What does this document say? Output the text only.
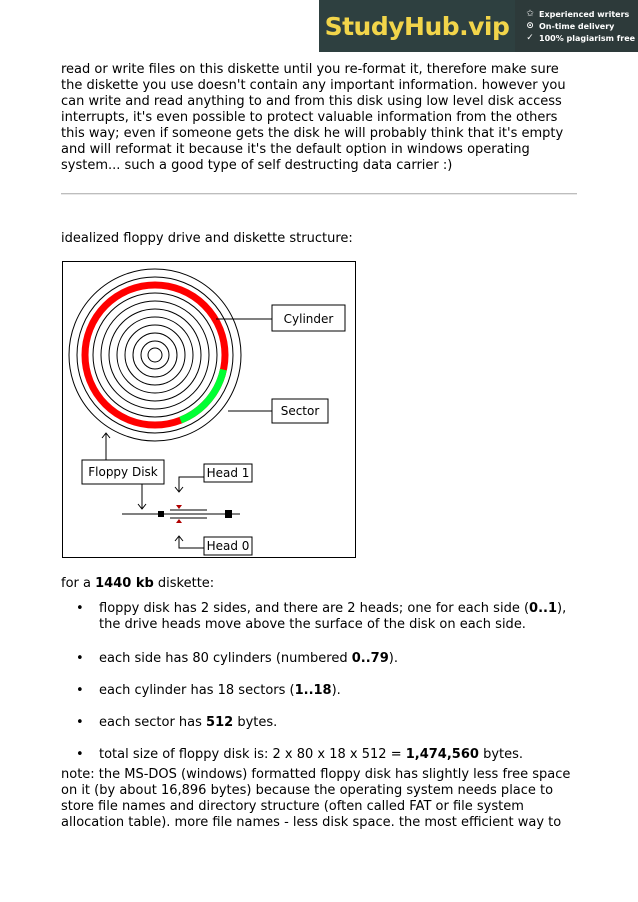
StudyHub.vip	✩ Experienced writers
⊙ On-time delivery
✓ 100% plagiarism free
read or write files on this diskette until you re-format it, therefore make sure the diskette you use doesn't contain any important information. however you can write and read anything to and from this disk using low level disk access interrupts, it's even possible to protect valuable information from the others this way; even if someone gets the disk he will probably think that it's empty and will reformat it because it's the default option in windows operating system... such a good type of self destructing data carrier :)
idealized floppy drive and diskette structure:
Cylinder
Sector
Floppy Disk	Head 1
Head 0
for a 1440 kb diskette:
• floppy disk has 2 sides, and there are 2 heads; one for each side (0..1), the drive heads move above the surface of the disk on each side.
• each side has 80 cylinders (numbered 0..79).
• each cylinder has 18 sectors (1..18).
• each sector has 512 bytes.
• total size of floppy disk is: 2 x 80 x 18 x 512 = 1,474,560 bytes.
note: the MS-DOS (windows) formatted floppy disk has slightly less free space on it (by about 16,896 bytes) because the operating system needs place to store file names and directory structure (often called FAT or file system allocation table). more file names - less disk space. the most efficient way to
